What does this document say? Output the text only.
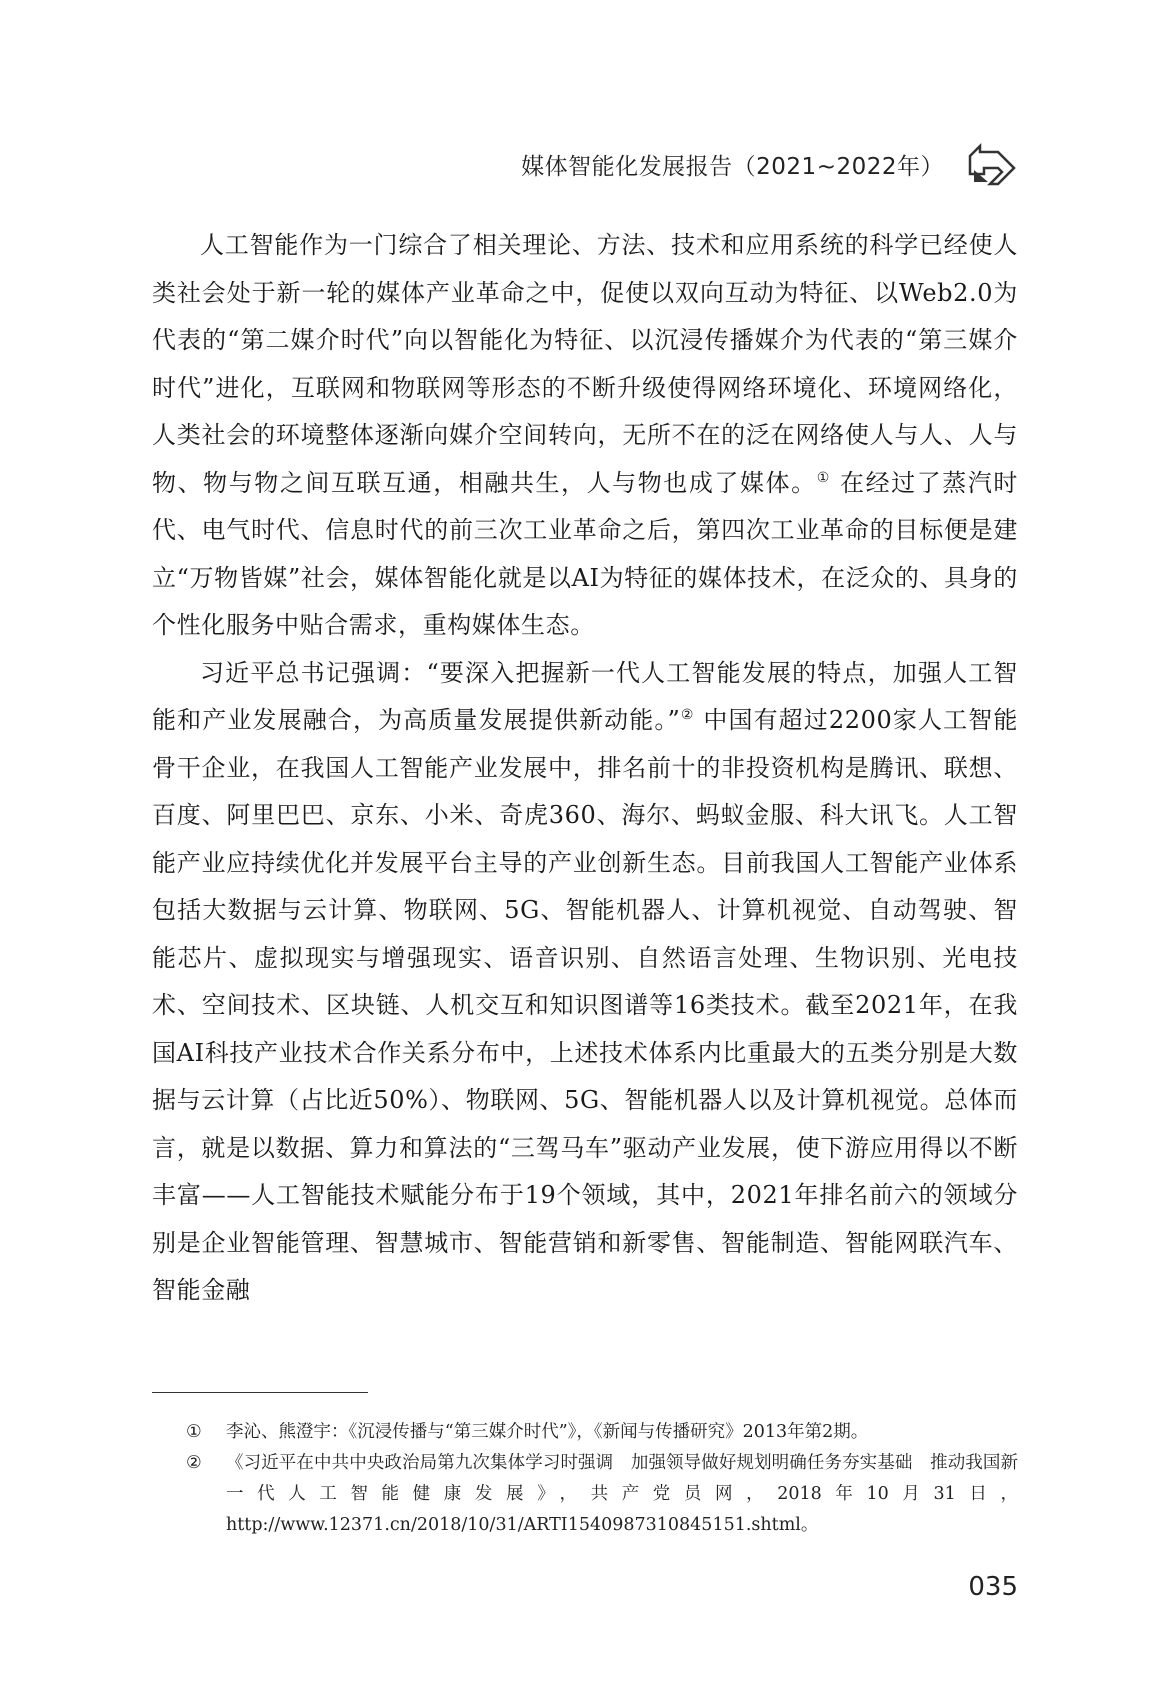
媒体智能化发展报告（2021~2022年）

人工智能作为一门综合了相关理论、方法、技术和应用系统的科学已经使人类社会处于新一轮的媒体产业革命之中，促使以双向互动为特征、以Web2.0为代表的“第二媒介时代”向以智能化为特征、以沉浸传播媒介为代表的“第三媒介时代”进化，互联网和物联网等形态的不断升级使得网络环境化、环境网络化，人类社会的环境整体逐渐向媒介空间转向，无所不在的泛在网络使人与人、人与物、物与物之间互联互通，相融共生，人与物也成了媒体。① 在经过了蒸汽时代、电气时代、信息时代的前三次工业革命之后，第四次工业革命的目标便是建立“万物皆媒”社会，媒体智能化就是以AI为特征的媒体技术，在泛众的、具身的个性化服务中贴合需求，重构媒体生态。

习近平总书记强调：“要深入把握新一代人工智能发展的特点，加强人工智能和产业发展融合，为高质量发展提供新动能。”② 中国有超过2200家人工智能骨干企业，在我国人工智能产业发展中，排名前十的非投资机构是腾讯、联想、百度、阿里巴巴、京东、小米、奇虎360、海尔、蚂蚁金服、科大讯飞。人工智能产业应持续优化并发展平台主导的产业创新生态。目前我国人工智能产业体系包括大数据与云计算、物联网、5G、智能机器人、计算机视觉、自动驾驶、智能芯片、虚拟现实与增强现实、语音识别、自然语言处理、生物识别、光电技术、空间技术、区块链、人机交互和知识图谱等16类技术。截至2021年，在我国AI科技产业技术合作关系分布中，上述技术体系内比重最大的五类分别是大数据与云计算（占比近50%）、物联网、5G、智能机器人以及计算机视觉。总体而言，就是以数据、算力和算法的“三驾马车”驱动产业发展，使下游应用得以不断丰富——人工智能技术赋能分布于19个领域，其中，2021年排名前六的领域分别是企业智能管理、智慧城市、智能营销和新零售、智能制造、智能网联汽车、智能金融

① 李沁、熊澄宇：《沉浸传播与“第三媒介时代”》，《新闻与传播研究》2013年第2期。

② 《习近平在中共中央政治局第九次集体学习时强调　加强领导做好规划明确任务夯实基础　推动我国新一代人工智能健康发展》，共产党员网，2018年10月31日，http://www.12371.cn/2018/10/31/ARTI1540987310845151.shtml。

035
